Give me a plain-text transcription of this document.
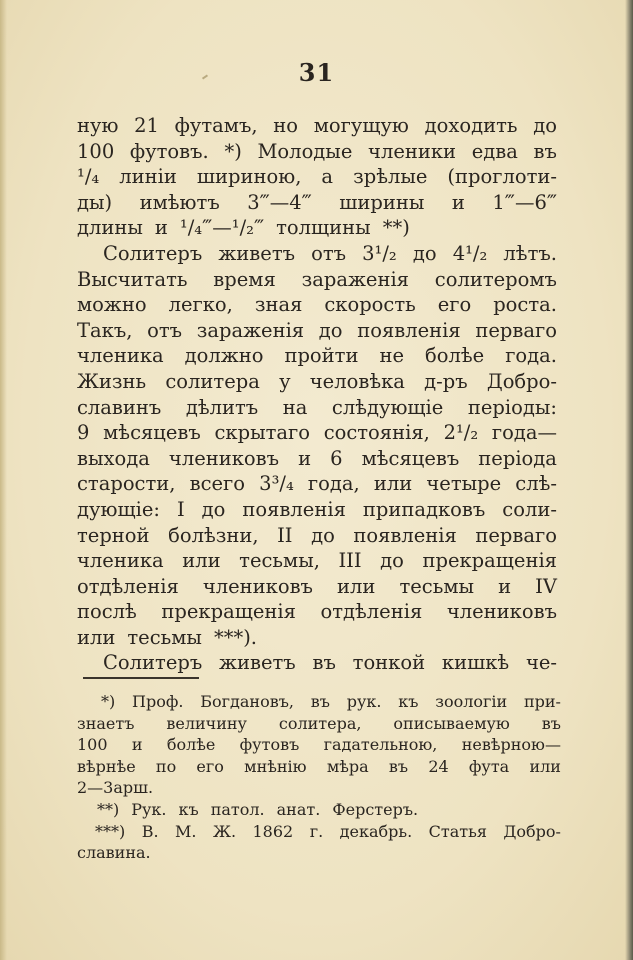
31
ную 21 футамъ, но могущую доходить до
100 футовъ. *) Молодые членики едва въ
¹/₄ линіи шириною, а зрѣлые (проглоти-
ды) имѣютъ 3‴—4‴ ширины и 1‴—6‴
длины и ¹/₄‴—¹/₂‴ толщины **)
Солитеръ живетъ отъ 3¹/₂ до 4¹/₂ лѣтъ.
Высчитать время зараженія солитеромъ
можно легко, зная скорость его роста.
Такъ, отъ зараженія до появленія перваго
членика должно пройти не болѣе года.
Жизнь солитера у человѣка д-ръ Добро-
славинъ дѣлитъ на слѣдующіе періоды:
9 мѣсяцевъ скрытаго состоянія, 2¹/₂ года—
выхода члениковъ и 6 мѣсяцевъ періода
старости, всего 3³/₄ года, или четыре слѣ-
дующіе: I до появленія припадковъ соли-
терной болѣзни, II до появленія перваго
членика или тесьмы, III до прекращенія
отдѣленія члениковъ или тесьмы и IV
послѣ прекращенія отдѣленія члениковъ
или тесьмы ***).
Солитеръ живетъ въ тонкой кишкѣ че-
*) Проф. Богдановъ, въ рук. къ зоологіи при-
знаетъ величину солитера, описываемую въ
100 и болѣе футовъ гадательною, невѣрною—
вѣрнѣе по его мнѣнію мѣра въ 24 фута или
2—3 арш.
**) Рук. къ патол. анат. Ферстеръ.
***) В. М. Ж. 1862 г. декабрь. Статья Добро-
славина.
